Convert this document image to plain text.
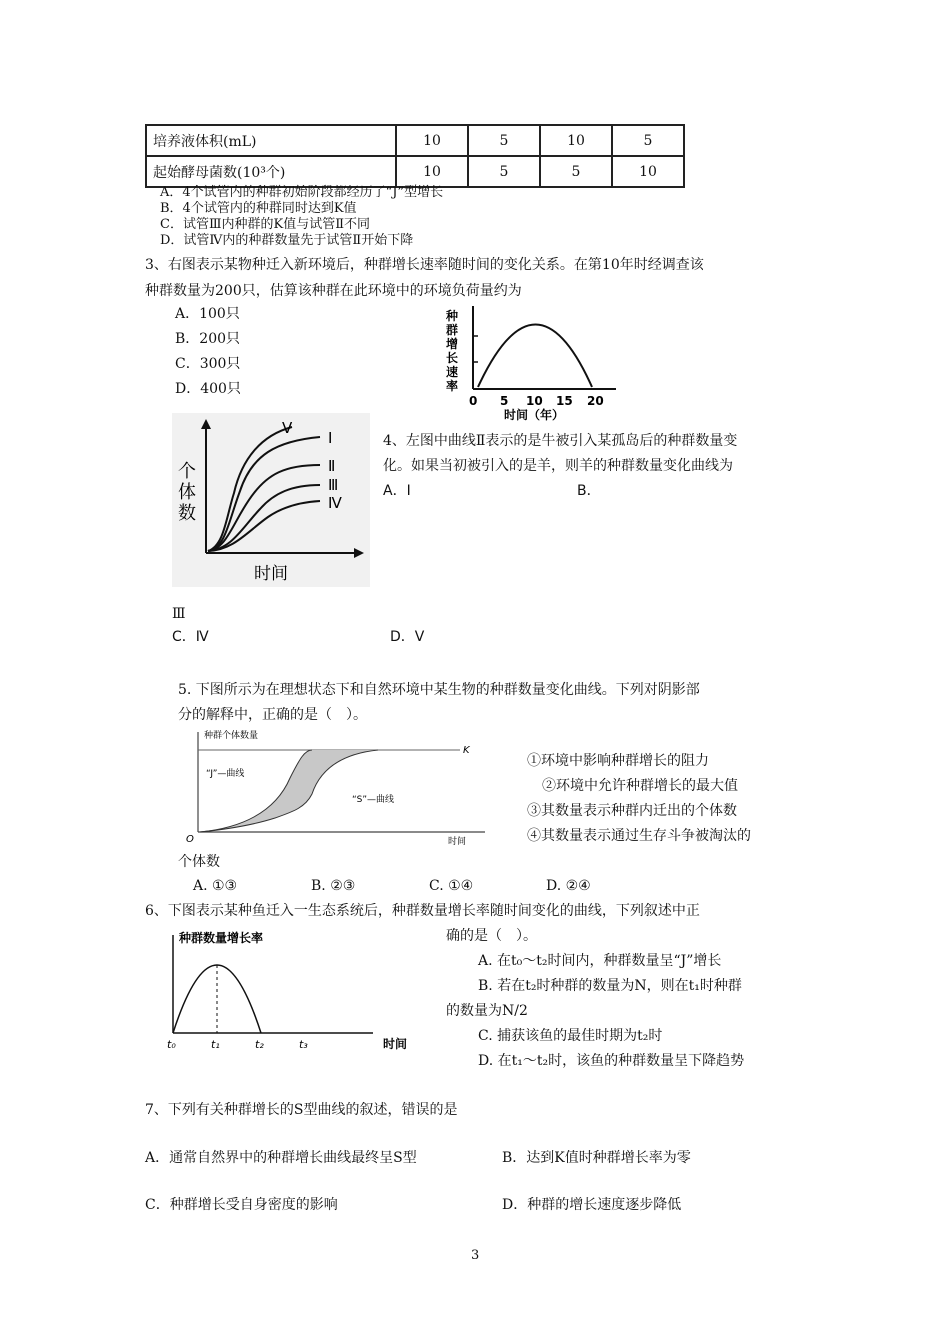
培养液体积(mL)	10	5	10	5
起始酵母菌数(10³个)	10	5	5	10
A．4个试管内的种群初始阶段都经历了“J”型增长
B．4个试管内的种群同时达到K值
C．试管Ⅲ内种群的K值与试管Ⅱ不同
D．试管Ⅳ内的种群数量先于试管Ⅱ开始下降
3、右图表示某物种迁入新环境后，种群增长速率随时间的变化关系。在第10年时经调查该
种群数量为200只，估算该种群在此环境中的环境负荷量约为
A．100只
B．200只
C．300只
D．400只
种
群
增
长
速
率
0 5 10 15 20
时间（年）
个
体
数
时间
Ⅴ
Ⅰ
Ⅱ
Ⅲ
Ⅳ
4、左图中曲线Ⅱ表示的是牛被引入某孤岛后的种群数量变
化。如果当初被引入的是羊，则羊的种群数量变化曲线为
A．Ⅰ	B．
Ⅲ
C．Ⅳ	D．Ⅴ
5. 下图所示为在理想状态下和自然环境中某生物的种群数量变化曲线。下列对阴影部
分的解释中，正确的是（　）。
种群个体数量
K
O	时间
“J”—曲线
“S”—曲线
①环境中影响种群增长的阻力
②环境中允许种群增长的最大值
③其数量表示种群内迁出的个体数
④其数量表示通过生存斗争被淘汰的
个体数
A. ①③	B. ②③	C. ①④	D. ②④
6、下图表示某种鱼迁入一生态系统后，种群数量增长率随时间变化的曲线，下列叙述中正
确的是（　）。
种群数量增长率
t₀	t₁	t₂	t₃	时间
A. 在t₀～t₂时间内，种群数量呈“J”增长
B. 若在t₂时种群的数量为N，则在t₁时种群
的数量为N/2
C. 捕获该鱼的最佳时期为t₂时
D. 在t₁～t₂时，该鱼的种群数量呈下降趋势
7、下列有关种群增长的S型曲线的叙述，错误的是
A．通常自然界中的种群增长曲线最终呈S型	B．达到K值时种群增长率为零
C．种群增长受自身密度的影响	D．种群的增长速度逐步降低
3
